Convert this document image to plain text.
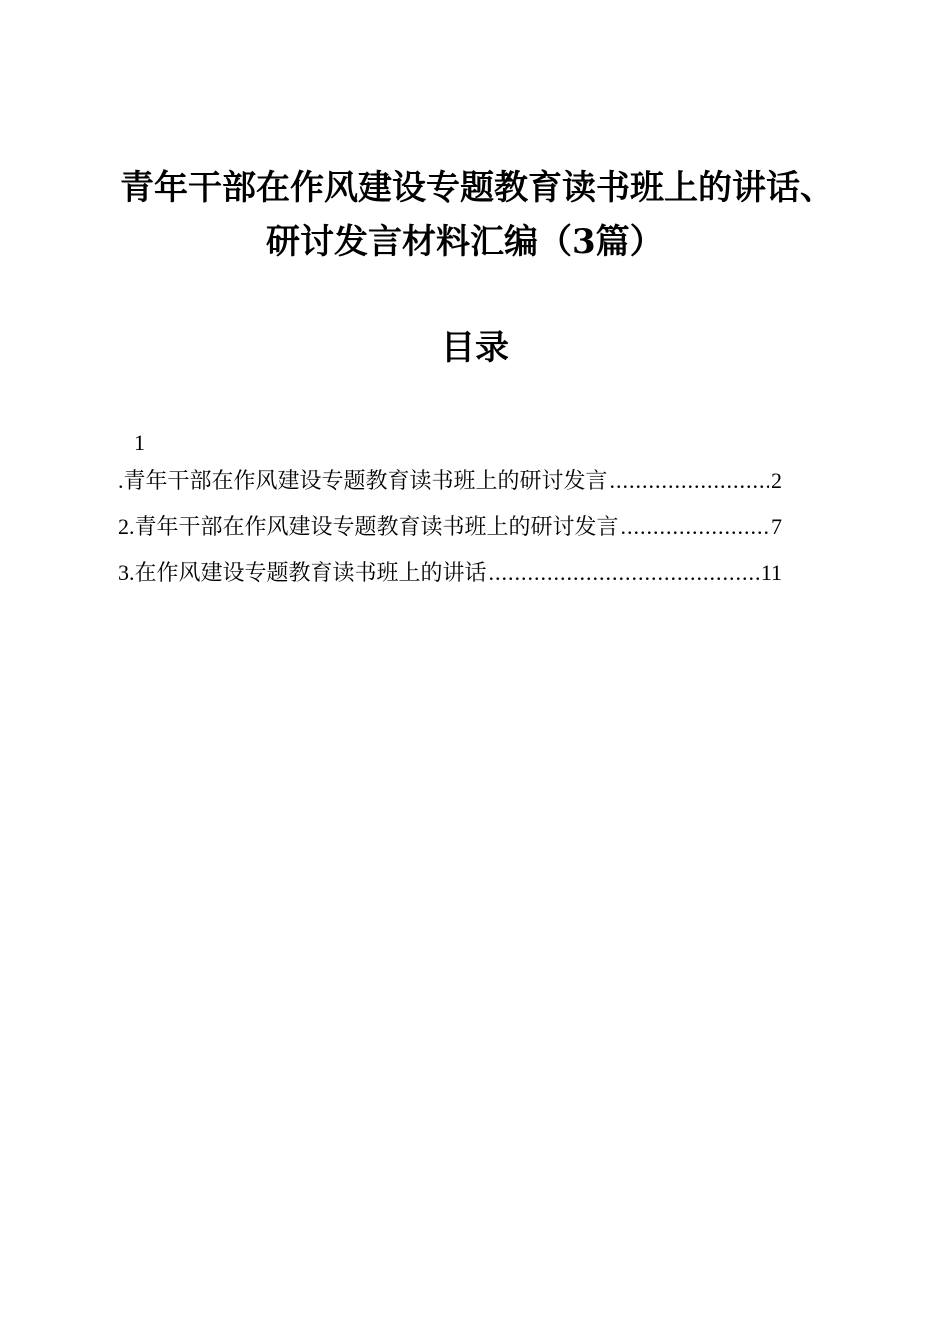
青年干部在作风建设专题教育读书班上的讲话、
研讨发言材料汇编（3篇）
目录
1
. 青年干部在作风建设专题教育读书班上的研讨发言 .....	2
2 . 青年干部在作风建设专题教育读书班上的研讨发言 .....	7
3 . 在作风建设专题教育读书班上的讲话 .....	11
